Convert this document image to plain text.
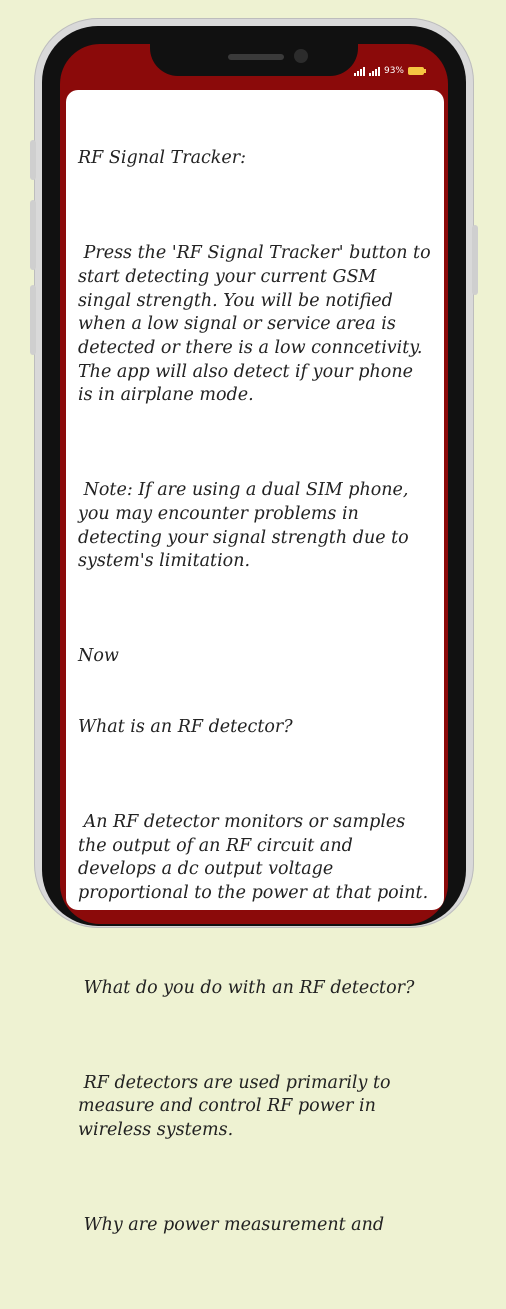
93%

RF Signal Tracker:

Press the 'RF Signal Tracker' button to start detecting your current GSM singal strength. You will be notified when a low signal or service area is detected or there is a low conncetivity. The app will also detect if your phone is in airplane mode.

Note: If are using a dual SIM phone, you may encounter problems in detecting your signal strength due to system's limitation.

Now

What is an RF detector?

An RF detector monitors or samples the output of an RF circuit and develops a dc output voltage proportional to the power at that point.

What do you do with an RF detector?

RF detectors are used primarily to measure and control RF power in wireless systems.

Why are power measurement and
